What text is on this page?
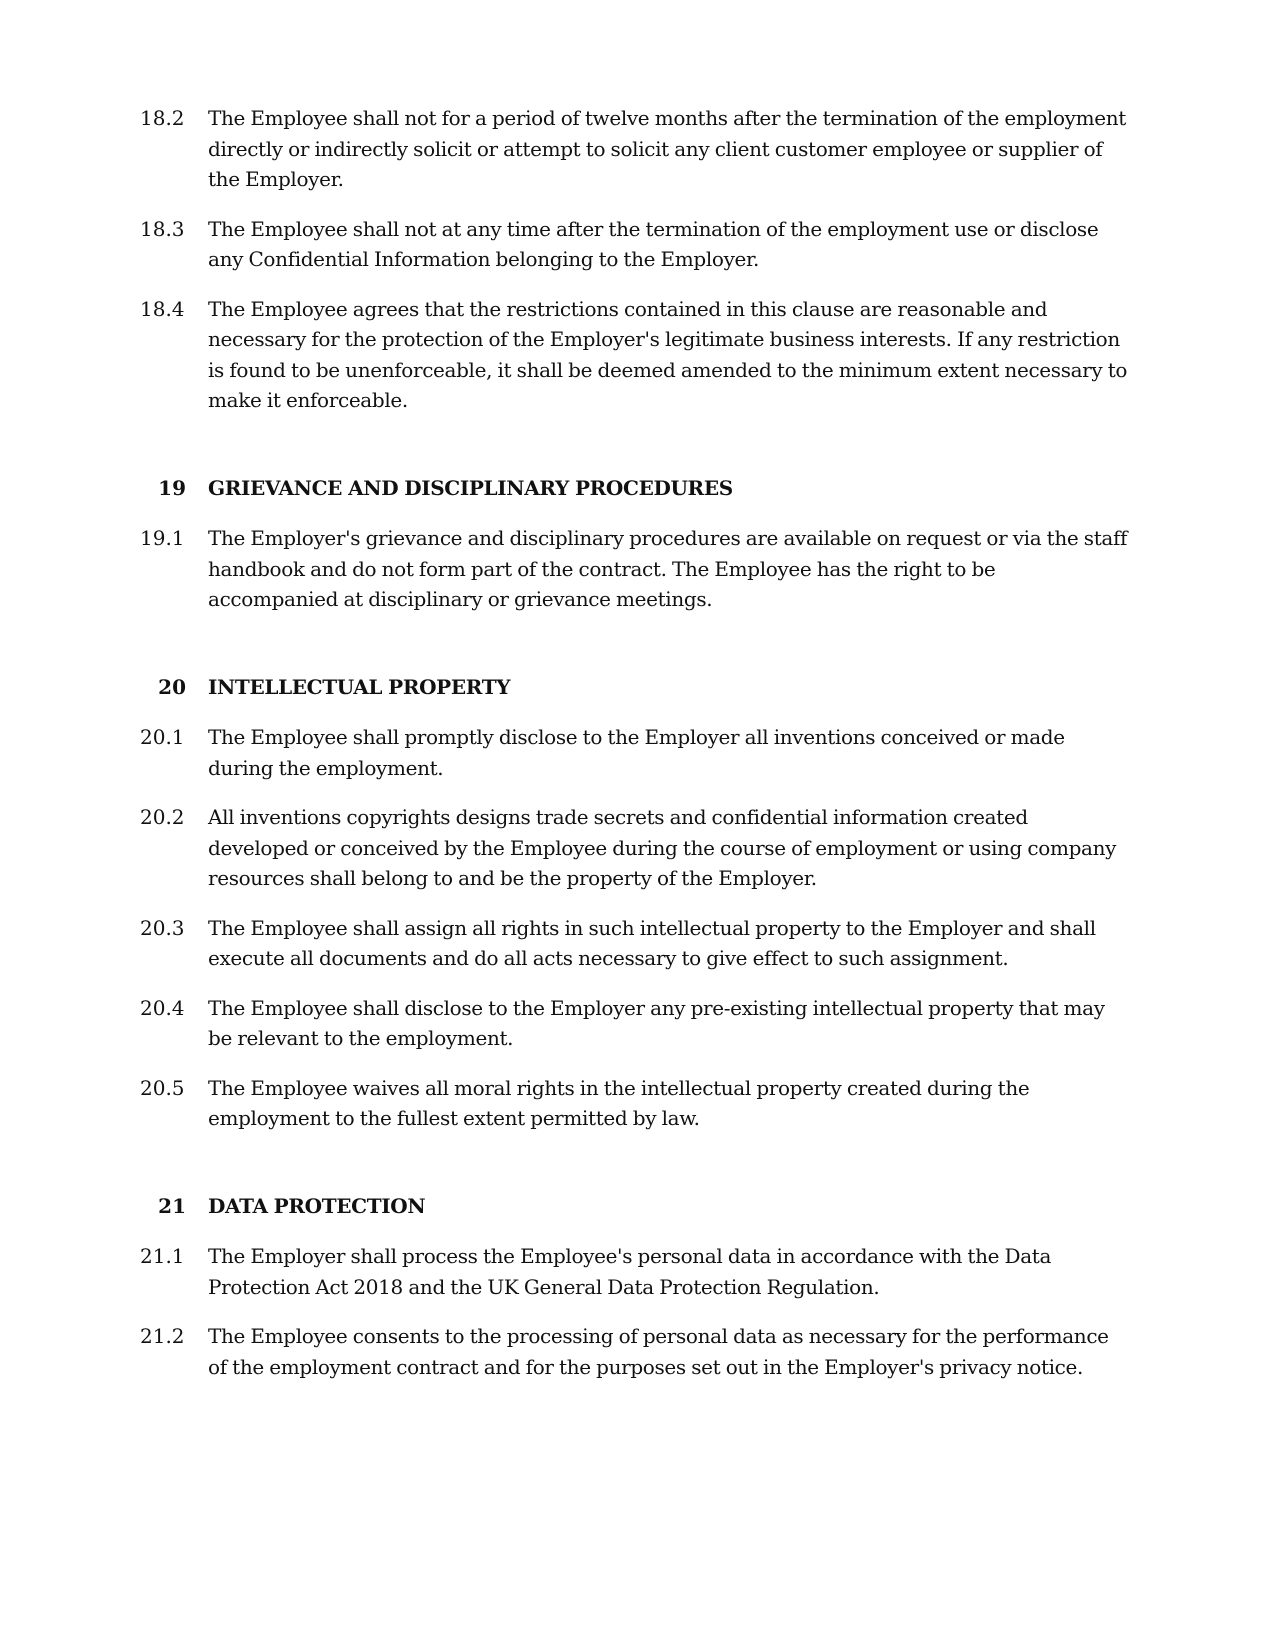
18.2	The Employee shall not for a period of twelve months after the termination of the employment directly or indirectly solicit or attempt to solicit any client customer employee or supplier of the Employer.
18.3	The Employee shall not at any time after the termination of the employment use or disclose any Confidential Information belonging to the Employer.
18.4	The Employee agrees that the restrictions contained in this clause are reasonable and necessary for the protection of the Employer's legitimate business interests. If any restriction is found to be unenforceable, it shall be deemed amended to the minimum extent necessary to make it enforceable.
19	GRIEVANCE AND DISCIPLINARY PROCEDURES
19.1	The Employer's grievance and disciplinary procedures are available on request or via the staff handbook and do not form part of the contract. The Employee has the right to be accompanied at disciplinary or grievance meetings.
20	INTELLECTUAL PROPERTY
20.1	The Employee shall promptly disclose to the Employer all inventions conceived or made during the employment.
20.2	All inventions copyrights designs trade secrets and confidential information created developed or conceived by the Employee during the course of employment or using company resources shall belong to and be the property of the Employer.
20.3	The Employee shall assign all rights in such intellectual property to the Employer and shall execute all documents and do all acts necessary to give effect to such assignment.
20.4	The Employee shall disclose to the Employer any pre-existing intellectual property that may be relevant to the employment.
20.5	The Employee waives all moral rights in the intellectual property created during the employment to the fullest extent permitted by law.
21	DATA PROTECTION
21.1	The Employer shall process the Employee's personal data in accordance with the Data Protection Act 2018 and the UK General Data Protection Regulation.
21.2	The Employee consents to the processing of personal data as necessary for the performance of the employment contract and for the purposes set out in the Employer's privacy notice.
